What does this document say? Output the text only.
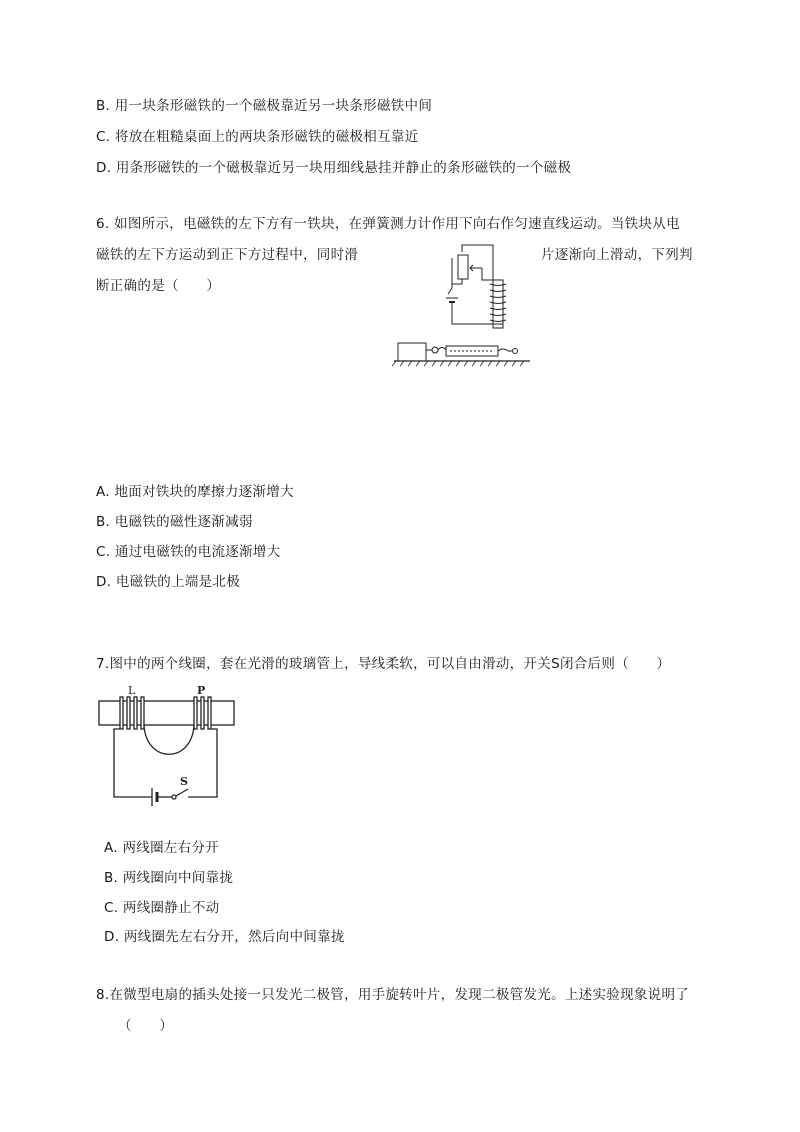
B. 用一块条形磁铁的一个磁极靠近另一块条形磁铁中间
C. 将放在粗糙桌面上的两块条形磁铁的磁极相互靠近
D. 用条形磁铁的一个磁极靠近另一块用细线悬挂并静止的条形磁铁的一个磁极
6. 如图所示，电磁铁的左下方有一铁块，在弹簧测力计作用下向右作匀速直线运动。当铁块从电
磁铁的左下方运动到正下方过程中，同时滑	片逐渐向上滑动，下列判
断正确的是（　　）
A. 地面对铁块的摩擦力逐渐增大
B. 电磁铁的磁性逐渐减弱
C. 通过电磁铁的电流逐渐增大
D. 电磁铁的上端是北极
7.图中的两个线圈，套在光滑的玻璃管上，导线柔软，可以自由滑动，开关S闭合后则（　　）
L	P
S
A. 两线圈左右分开
B. 两线圈向中间靠拢
C. 两线圈静止不动
D. 两线圈先左右分开，然后向中间靠拢
8.在微型电扇的插头处接一只发光二极管，用手旋转叶片，发现二极管发光。上述实验现象说明了
（　　）
